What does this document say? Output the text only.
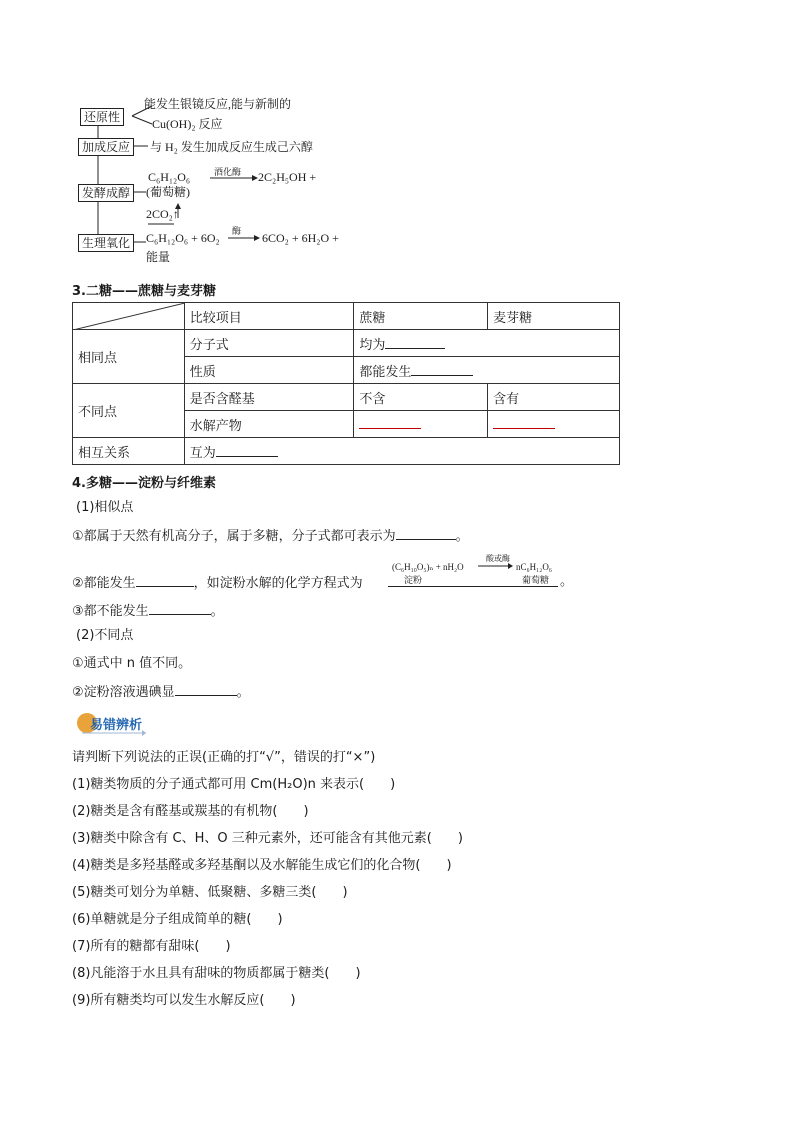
还原性
加成反应
发酵成醇
生理氧化
能发生银镜反应,能与新制的
Cu(OH)₂ 反应
与 H₂ 发生加成反应生成己六醇
C₆H₁₂O₆
(葡萄糖)
酒化酶 2C₂H₅OH +
2CO₂↑
C₆H₁₂O₆ + 6O₂ 酶 6CO₂ + 6H₂O +
能量
3.二糖——蔗糖与麦芽糖
	比较项目	蔗糖	麦芽糖
相同点	分子式	均为	
	性质	都能发生	
不同点	是否含醛基	不含	含有
	水解产物		
相互关系	互为		
4.多糖——淀粉与纤维素
(1)相似点
①都属于天然有机高分子，属于多糖，分子式都可表示为	。
②都能发生	，如淀粉水解的化学方程式为
(C₆H₁₀O₅)ₙ + nH₂O
酸或酶
nC₆H₁₂O₆
淀粉	葡萄糖 。
③都不能发生	。
(2)不同点
①通式中 n 值不同。
②淀粉溶液遇碘显	。
易错辨析
请判断下列说法的正误(正确的打“√”，错误的打“×”)
(1)糖类物质的分子通式都可用 Cm(H₂O)n 来表示(　　)
(2)糖类是含有醛基或羰基的有机物(　　)
(3)糖类中除含有 C、H、O 三种元素外，还可能含有其他元素(　　)
(4)糖类是多羟基醛或多羟基酮以及水解能生成它们的化合物(　　)
(5)糖类可划分为单糖、低聚糖、多糖三类(　　)
(6)单糖就是分子组成简单的糖(　　)
(7)所有的糖都有甜味(　　)
(8)凡能溶于水且具有甜味的物质都属于糖类(　　)
(9)所有糖类均可以发生水解反应(　　)
